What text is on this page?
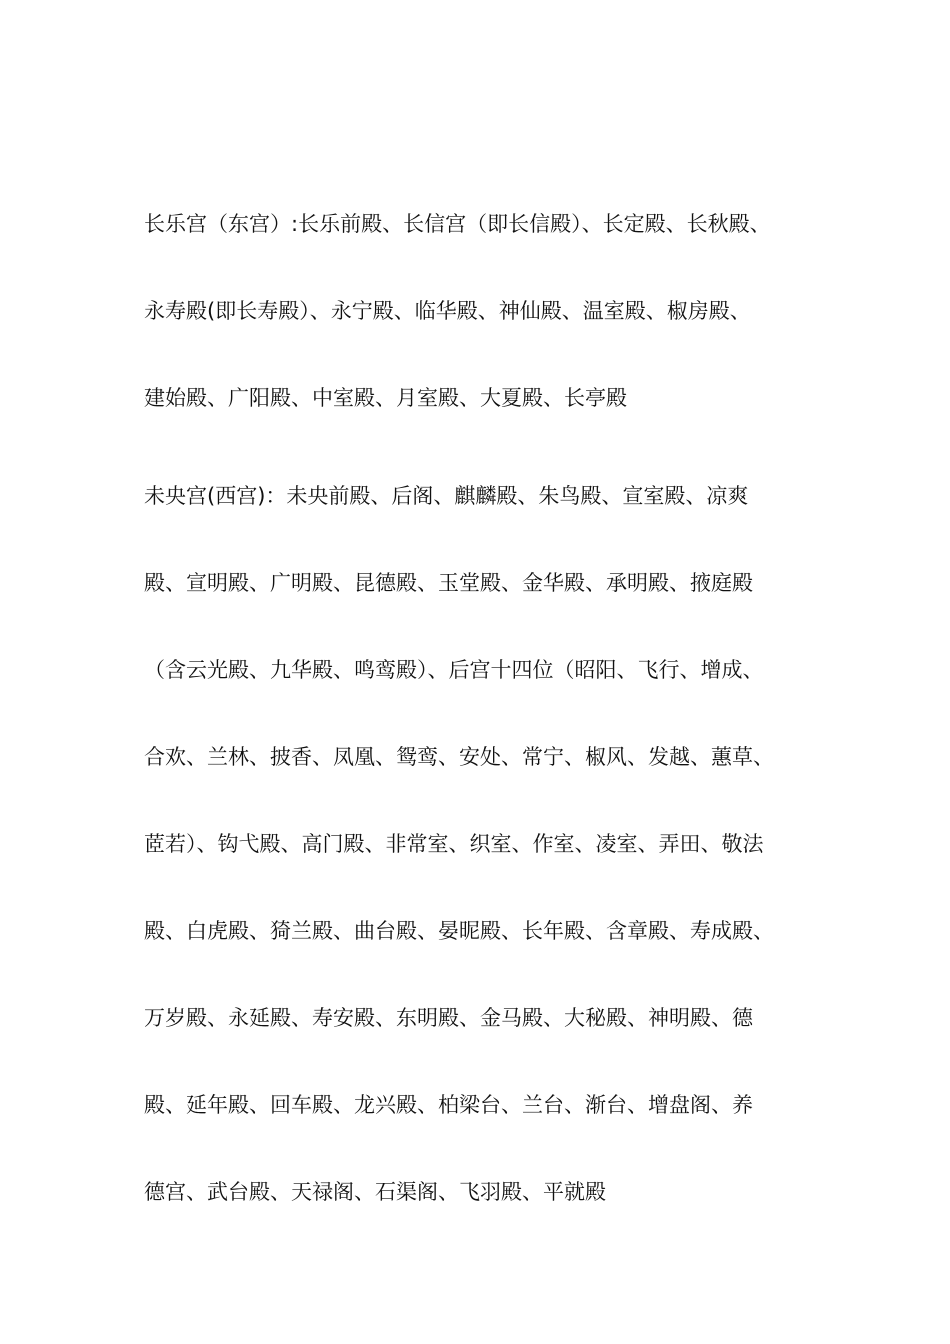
长乐宫（东宫）:长乐前殿、长信宫（即长信殿）、长定殿、长秋殿、
永寿殿(即长寿殿）、永宁殿、临华殿、神仙殿、温室殿、椒房殿、
建始殿、广阳殿、中室殿、月室殿、大夏殿、长亭殿
未央宫(西宫)：未央前殿、后阁、麒麟殿、朱鸟殿、宣室殿、凉爽
殿、宣明殿、广明殿、昆德殿、玉堂殿、金华殿、承明殿、掖庭殿
（含云光殿、九华殿、鸣鸾殿）、后宫十四位（昭阳、飞行、增成、
合欢、兰林、披香、凤凰、鸳鸾、安处、常宁、椒风、发越、蕙草、
茝若）、钩弋殿、高门殿、非常室、织室、作室、凌室、弄田、敬法
殿、白虎殿、猗兰殿、曲台殿、晏昵殿、长年殿、含章殿、寿成殿、
万岁殿、永延殿、寿安殿、东明殿、金马殿、大秘殿、神明殿、德
殿、延年殿、回车殿、龙兴殿、柏梁台、兰台、渐台、增盘阁、养
德宫、武台殿、天禄阁、石渠阁、飞羽殿、平就殿
